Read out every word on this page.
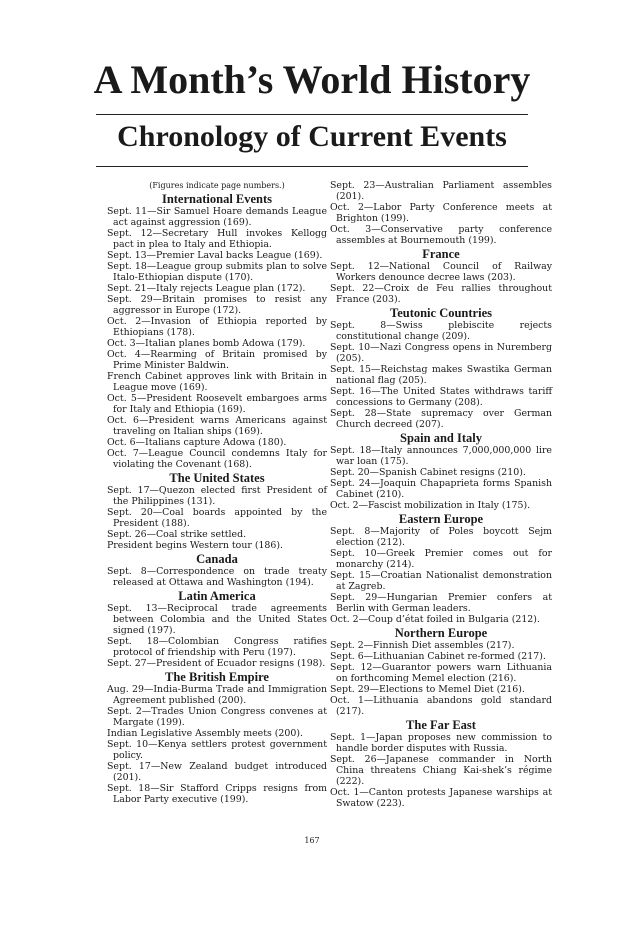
A Month’s World History
Chronology of Current Events

(Figures indicate page numbers.)

International Events

Sept. 11—Sir Samuel Hoare demands League act against aggression (169).

Sept. 12—Secretary Hull invokes Kellogg pact in plea to Italy and Ethiopia.

Sept. 13—Premier Laval backs League (169).

Sept. 18—League group submits plan to solve Italo-Ethiopian dispute (170).

Sept. 21—Italy rejects League plan (172).

Sept. 29—Britain promises to resist any aggressor in Europe (172).

Oct. 2—Invasion of Ethiopia reported by Ethiopians (178).

Oct. 3—Italian planes bomb Adowa (179).

Oct. 4—Rearming of Britain promised by Prime Minister Baldwin.

French Cabinet approves link with Britain in League move (169).

Oct. 5—President Roosevelt embargoes arms for Italy and Ethiopia (169).

Oct. 6—President warns Americans against traveling on Italian ships (169).

Oct. 6—Italians capture Adowa (180).

Oct. 7—League Council condemns Italy for violating the Covenant (168).

The United States

Sept. 17—Quezon elected first President of the Philippines (131).

Sept. 20—Coal boards appointed by the President (188).

Sept. 26—Coal strike settled.

President begins Western tour (186).

Canada

Sept. 8—Correspondence on trade treaty released at Ottawa and Washington (194).

Latin America

Sept. 13—Reciprocal trade agreements between Colombia and the United States signed (197).

Sept. 18—Colombian Congress ratifies protocol of friendship with Peru (197).

Sept. 27—President of Ecuador resigns (198).

The British Empire

Aug. 29—India-Burma Trade and Immigration Agreement published (200).

Sept. 2—Trades Union Congress convenes at Margate (199).

Indian Legislative Assembly meets (200).

Sept. 10—Kenya settlers protest government policy.

Sept. 17—New Zealand budget introduced (201).

Sept. 18—Sir Stafford Cripps resigns from Labor Party executive (199).

Sept. 23—Australian Parliament assembles (201).

Oct. 2—Labor Party Conference meets at Brighton (199).

Oct. 3—Conservative party conference assembles at Bournemouth (199).

France

Sept. 12—National Council of Railway Workers denounce decree laws (203).

Sept. 22—Croix de Feu rallies throughout France (203).

Teutonic Countries

Sept. 8—Swiss plebiscite rejects constitutional change (209).

Sept. 10—Nazi Congress opens in Nuremberg (205).

Sept. 15—Reichstag makes Swastika German national flag (205).

Sept. 16—The United States withdraws tariff concessions to Germany (208).

Sept. 28—State supremacy over German Church decreed (207).

Spain and Italy

Sept. 18—Italy announces 7,000,000,000 lire war loan (175).

Sept. 20—Spanish Cabinet resigns (210).

Sept. 24—Joaquin Chapaprieta forms Spanish Cabinet (210).

Oct. 2—Fascist mobilization in Italy (175).

Eastern Europe

Sept. 8—Majority of Poles boycott Sejm election (212).

Sept. 10—Greek Premier comes out for monarchy (214).

Sept. 15—Croatian Nationalist demonstration at Zagreb.

Sept. 29—Hungarian Premier confers at Berlin with German leaders.

Oct. 2—Coup d’état foiled in Bulgaria (212).

Northern Europe

Sept. 2—Finnish Diet assembles (217).

Sept. 6—Lithuanian Cabinet re-formed (217).

Sept. 12—Guarantor powers warn Lithuania on forthcoming Memel election (216).

Sept. 29—Elections to Memel Diet (216).

Oct. 1—Lithuania abandons gold standard (217).

The Far East

Sept. 1—Japan proposes new commission to handle border disputes with Russia.

Sept. 26—Japanese commander in North China threatens Chiang Kai-shek’s régime (222).

Oct. 1—Canton protests Japanese warships at Swatow (223).

167
